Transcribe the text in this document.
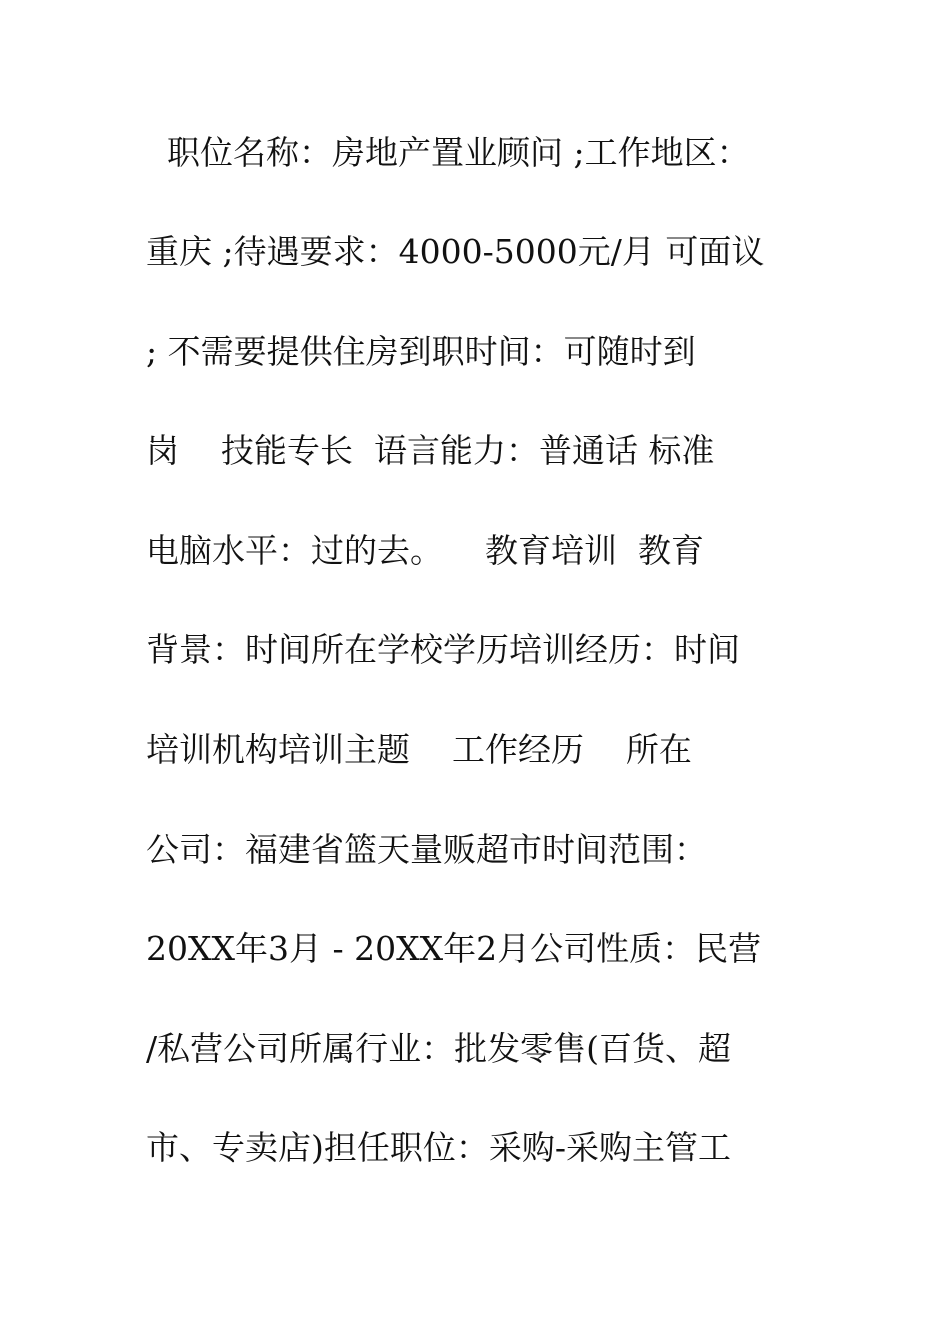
职位名称：房地产置业顾问 ;工作地区：
重庆 ;待遇要求：4000-5000元/月 可面议
; 不需要提供住房到职时间：可随时到
岗    技能专长  语言能力：普通话 标准
电脑水平：过的去。    教育培训  教育
背景：时间所在学校学历培训经历：时间
培训机构培训主题    工作经历    所在
公司：福建省篮天量贩超市时间范围：
20XX年3月 - 20XX年2月公司性质：民营
/私营公司所属行业：批发零售(百货、超
市、专卖店)担任职位：采购-采购主管工
